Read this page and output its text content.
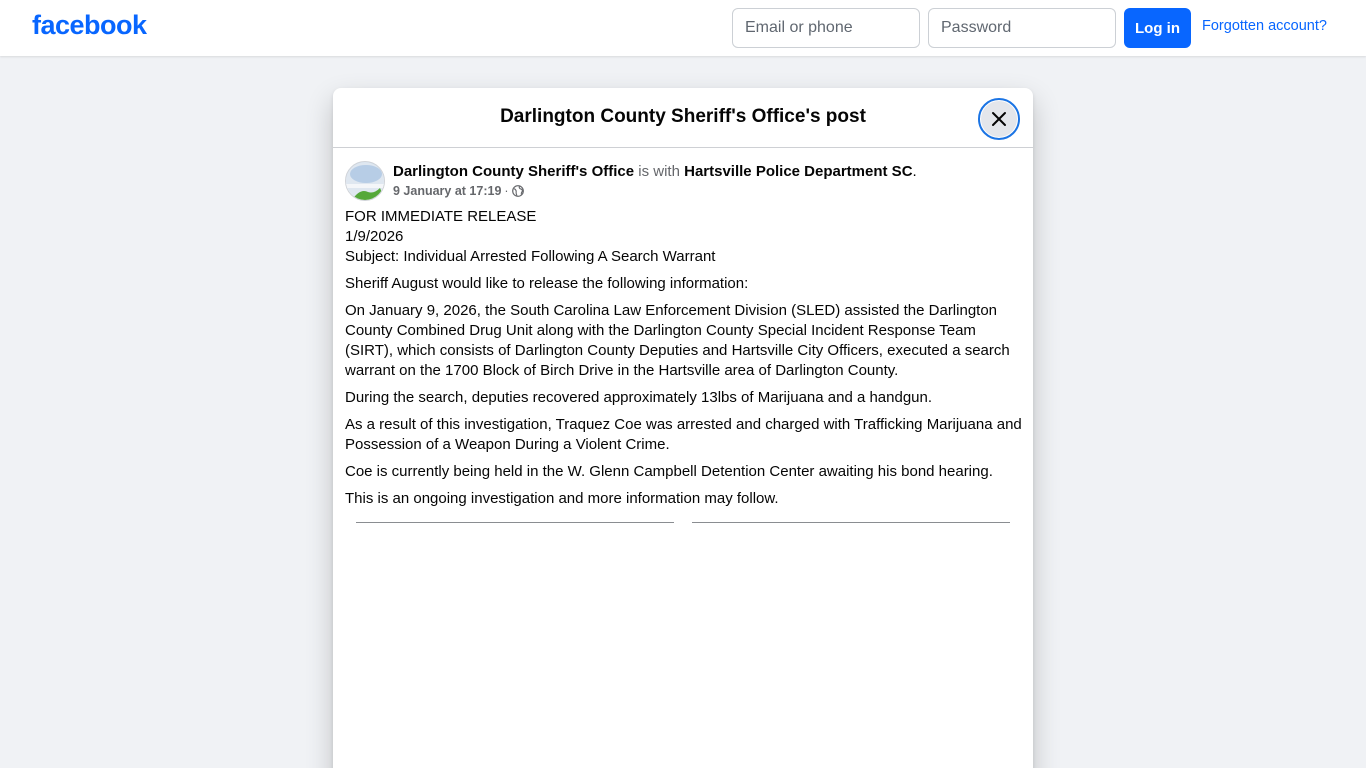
facebook
Email or phone	Log in	Forgotten account?
Darlington County Sheriff's Office's post
Darlington County Sheriff's Office is with Hartsville Police Department SC.
9 January at 17:19 ·

FOR IMMEDIATE RELEASE
1/9/2026
Subject: Individual Arrested Following A Search Warrant

Sheriff August would like to release the following information:

On January 9, 2026, the South Carolina Law Enforcement Division (SLED) assisted the Darlington County Combined Drug Unit along with the Darlington County Special Incident Response Team (SIRT), which consists of Darlington County Deputies and Hartsville City Officers, executed a search warrant on the 1700 Block of Birch Drive in the Hartsville area of Darlington County.

During the search, deputies recovered approximately 13lbs of Marijuana and a handgun.

As a result of this investigation, Traquez Coe was arrested and charged with Trafficking Marijuana and Possession of a Weapon During a Violent Crime.

Coe is currently being held in the W. Glenn Campbell Detention Center awaiting his bond hearing.

This is an ongoing investigation and more information may follow.
